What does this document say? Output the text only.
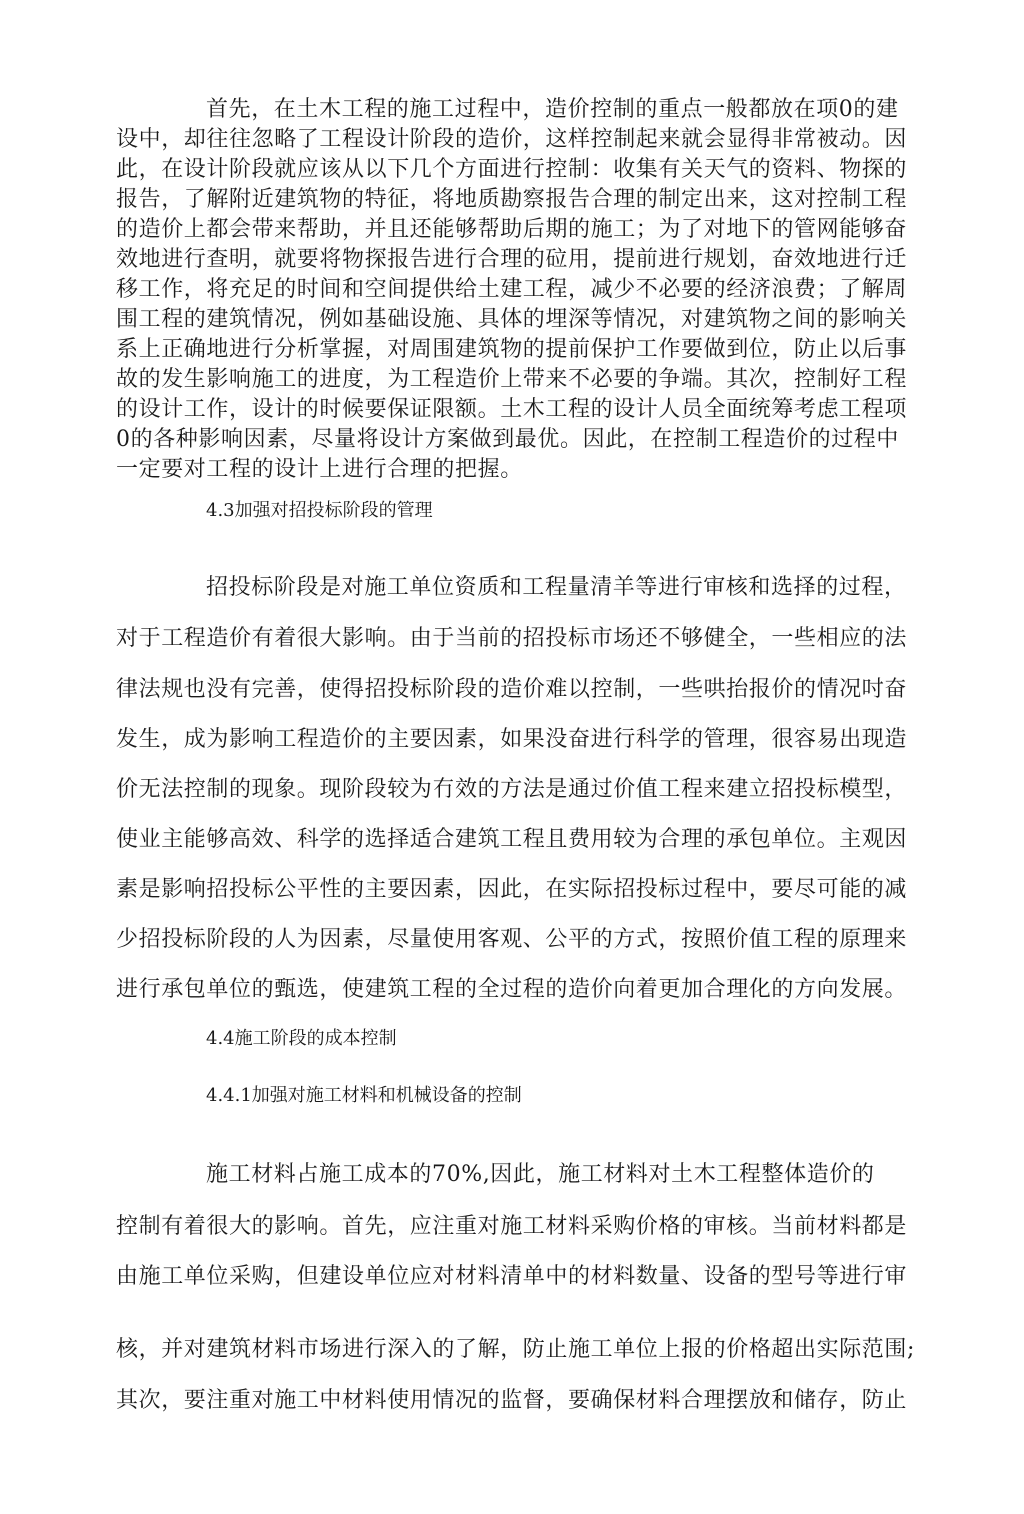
首先，在土木工程的施工过程中，造价控制的重点一般都放在项0的建
设中，却往往忽略了工程设计阶段的造价，这样控制起来就会显得非常被动。因
此，在设计阶段就应该从以下几个方面进行控制：收集有关天气的资料、物探的
报告，了解附近建筑物的特征，将地质勘察报告合理的制定出来，这对控制工程
的造价上都会带来帮助，并且还能够帮助后期的施工；为了对地下的管网能够奋
效地进行查明，就要将物探报告进行合理的砬用，提前进行规划，奋效地进行迁
移工作，将充足的时间和空间提供给土建工程，减少不必要的经济浪费；了解周
围工程的建筑情况，例如基础设施、具体的埋深等情况，对建筑物之间的影响关
系上正确地进行分析掌握，对周围建筑物的提前保护工作要做到位，防止以后事
故的发生影响施工的进度，为工程造价上带来不必要的争端。其次，控制好工程
的设计工作，设计的时候要保证限额。土木工程的设计人员全面统筹考虑工程项
0的各种影响因素，尽量将设计方案做到最优。因此，在控制工程造价的过程中
一定要对工程的设计上进行合理的把握。
4.3加强对招投标阶段的管理
招投标阶段是对施工单位资质和工程量清羊等进行审核和选择的过程，
对于工程造价有着很大影响。由于当前的招投标市场还不够健全，一些相应的法
律法规也没有完善，使得招投标阶段的造价难以控制，一些哄抬报价的情况吋奋
发生，成为影响工程造价的主要因素，如果没奋进行科学的管理，很容易出现造
价无法控制的现象。现阶段较为冇效的方法是通过价值工程来建立招投标模型，
使业主能够高效、科学的选择适合建筑工程且费用较为合理的承包单位。主观因
素是影响招投标公平性的主要因素，因此，在实际招投标过程中，要尽可能的减
少招投标阶段的人为因素，尽量使用客观、公平的方式，按照价值工程的原理来
进行承包单位的甄选，使建筑工程的全过程的造价向着更加合理化的方向发展。
4.4施工阶段的成本控制
4.4.1加强对施工材料和机械设备的控制
施工材料占施工成本的70%,因此，施工材料对土木工程整体造价的
控制有着很大的影响。首先，应注重对施工材料采购价格的审核。当前材料都是
由施工单位采购，但建设单位应对材料清单中的材料数量、设备的型号等进行审
核，并对建筑材料市场进行深入的了解，防止施工单位上报的价格超出实际范围;
其次，要注重对施工中材料使用情况的监督，要确保材料合理摆放和储存，防止
